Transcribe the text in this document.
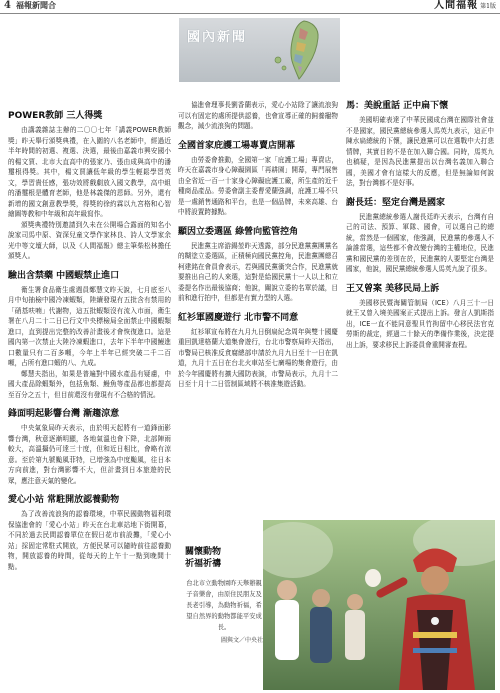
4 福報新聞合	人間福報 第1版
國內新聞
POWER教師 三人得獎

由講義雜誌主辦的二〇〇七年「講義POWER教師獎」昨天舉行頒獎典禮，在入圍的八名老師中，經過近半年時間的初選、複選、決選，最後由嘉義市興安國小的楊文賈、北市大直高中的張家乃、張由成與高中的潘璽根得獎。其中，楊文賈讓低年級的學生輕鬆學習英文，學習貴任感，張功效將戲劇放入國文教學，高中組的潘璽根是體育老師，他是林義傑的恩師。另外，還有新增的國文創意教學獎，得獎的徐約霖以九宮格和心智繪圖等教和中年級和高年級寫作。

頒獎典禮特別邀請到久未在公開場合露面的知名小說家司馬中原、資深兒童文學作家林良、詩人文學家余光中等文壇大師，以及《人間福報》總主筆柴松林擔任頒獎人。

驗出含禁藥 中國蝦禁止進口

衛生署食品衛生處週員鄭慧文昨天說，七月底至八月中旬抽檢中國冷凍蝦類，陸續發現有五批含有禁用的「硝基呋喃」代謝物，這五批蝦類沒有流入市面，衛生署在八月二十二日已行文中央標檢局全面禁止中國蝦類進口，直到提出完整的改善計畫後才會恢復進口。這是國內第一次禁止大陸冷凍蝦進口，去年下半年中國鰻進口數量只有二百多噸，今年上半年已經突破二千二百噸，占所有進口蝦的八、九成。

鄭慧夫指出，如果是普遍對中國水產品有疑慮，中國大產品除蝦類外，包括魚類、鰻魚等產品都也都提高至百分之五十，但目前還沒有發現有不合格的情況。

鋒面明起影響台灣 漸趨涼意

中央氣象局昨天表示，由於明天起將有一道鋒面影響台灣，秋意逐漸明顯，各地氣溫也會下降，北部陣雨較大，高溫攝仍可達三十度，但和近日相比，會略有涼意。至於第九號颱風菲特，已增強為中度颱風，往日本方向前進，對台灣影響不大，但計畫到日本旅遊的民眾，應注意天氣的變化。

愛心小站 常駐開放認養動物

為了改善流浪狗的認養環境，中華民國動物福利環保協進會的「愛心小站」昨天在台北車站地下街開幕，不同於過去民間認養單位在假日花市前設攤，「愛心小站」採固定常駐式開放，方便民眾可以隨時前往認養動物，開放認養的時間，從每天的上午十一點到晚間十點。

協進會理事長劉香蘭表示，愛心小站除了讓流浪狗可以有固定的處所提供認養，也會宣導正確的飼養寵物觀念，減少流浪狗的問題。

全國首家庇護工場專賣店開幕

由勞委會推動，全國第一家「庇護工場」專賣店，昨天在嘉義市身心障礙園區「再耕園」開幕，專門展售由全省近一百一十家身心障礙庇護工廠，所生產的近千種商品產品。勞委會副主委曹愛蘭強調，庇護工場不只是一處銷售通路和平台，也是一個品牌，未來高雄、台中將設置跨據點。

顯因立委選區 綠營向監管控角

民進黨主席游錫堃昨天透露，部分民進黨黨團黨名的糊塗立委選區，正積極向國民黨控角，民進黨團總召柯建銘在會員會表示，若與國民黨衝突合作，民進黨就要推出自己的人來選，這對是給國民黨十一人以上和立委提名作出最後協商；他說，關說立委的名單於議，目前和進行拍中，但都是有實力型的人選。

紅衫軍國慶遊行 北市警不同意

紅衫軍宣布將在九月九日倒扁紀念周年與雙十國慶重回凱達格蘭大道集會遊行，台北市警察局昨天指出，市警局已核准反貪腐總部申請於九月九日至十一日在凱道，九月十五日在台北火車站至七廣場的集會遊行，由於今年國慶將有擴大國防表演，市警局表示，九月十二日至十月十二日管制區域將不核准集遊活動。

馬：美說重話 正中扁下懷

美國明確表達了中華民國成台灣在國際社會並不是國家，國民黨總統參選人馬英九表示，這正中陳水扁總統的下懷，讓民進黨可以在選戰中大打悲情牌，其實目的不是在加入聯合國。同時，馬英九也稿疑，是因為民進黨提出以台灣名義加入聯合國，美國才會有這樣大的反應，但是無論如何說法，對台灣都不是好事。

謝長廷：堅定台灣是國家

民進黨總統參選人謝長廷昨天表示，台灣有自己的司法、預算、軍隊、國會，可以選自己的總統，當然是一個國家，他強調，民進黨的參選人不論誰當選，這些都不會改變台灣的主權地位，民進黨和國民黨的差別在於，民進黨的人要堅定台灣是國家，他說，國民黨總統參選人馬英九說了很多。

王又曾案 美移民局上訴

美國移民暨海關管制局（ICE）八月三十一日就王又曾入境美國案正式提出上訴。發言人凱斯指出，ICE一直不能同意聖貝竹拘留中心移民法官克勞斯的裁定，經過二十餘天的準備作業後，決定提出上訴，要求移民上訴委員會重開審查程。

關懷動物
祈福祈禱
台北市立動物園昨天舉辦親子音樂會，由原住民朋友及長老引導，為動物祈福，希望自然界的動物都能平安成長。
圖與文／中央社
